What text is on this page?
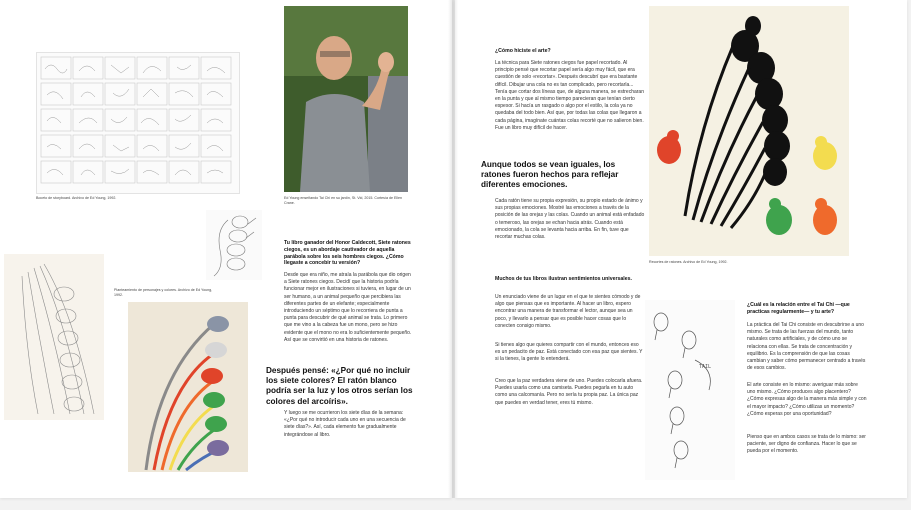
Boceto de storyboard. Archivo de Ed Young, 1992.	Ed Young enseñando Tai Chi en su jardín, St. Vid, 2015. Cortesía de Ellen Crane.
Planteamiento de personajes y colores. Archivo de Ed Young, 1992.
Tu libro ganador del Honor Caldecott, Siete ratones ciegos, es un abordaje cautivador de aquella parábola sobre los seis hombres ciegos. ¿Cómo llegaste a concebir tu versión?
Desde que era niño, me atraía la parábola que dio origen a Siete ratones ciegos. Decidí que la historia podría funcionar mejor en ilustraciones si tuviera, en lugar de un ser humano, a un animal pequeño que percibiera las diferentes partes de un elefante; especialmente introduciendo un séptimo que lo recorriera de punta a punta para descubrir de qué animal se trata. Lo primero que me vino a la cabeza fue un mono, pero se hizo evidente que el mono no era lo suficientemente pequeño. Así que se convirtió en una historia de ratones.
Después pensé: «¿Por qué no incluir los siete colores? El ratón blanco podría ser la luz y los otros serían los colores del arcoíris».
Y luego se me ocurrieron los siete días de la semana: «¿Por qué no introducir cada uno en una secuencia de siete días?». Así, cada elemento fue gradualmente integrándose al libro.
¿Cómo hiciste el arte?
La técnica para Siete ratones ciegos fue papel recortado. Al principio pensé que recortar papel sería algo muy fácil, que era cuestión de solo «recortar». Después descubrí que era bastante difícil. Dibujar una cola no es tan complicado, pero recortarla... Tenía que cortar dos líneas que, de alguna manera, se estrecharan en la punta y que al mismo tiempo parecieran que tenían cierto espesor. Si hacía un rasgado o algo por el estilo, la cola ya no quedaba del todo bien. Así que, por todas las colas que llegaron a cada página, imagínate cuántas colas recorté que no salieron bien. Fue un libro muy difícil de hacer.
Aunque todos se vean iguales, los ratones fueron hechos para reflejar diferentes emociones.
Cada ratón tiene su propia expresión, su propio estado de ánimo y sus propias emociones. Mostré las emociones a través de la posición de las orejas y las colas. Cuando un animal está enfadado o temeroso, las orejas se echan hacia atrás. Cuando está emocionado, la cola se levanta hacia arriba. En fin, tuve que recortar muchas colas.
Muchos de tus libros ilustran sentimientos universales.
Un enunciado viene de un lugar en el que te sientes cómodo y de algo que piensas que es importante. Al hacer un libro, espero encontrar una manera de transformar el lector, aunque sea un poco, y llevarlo a pensar que es posible hacer cosas que lo conecten consigo mismo.
Si tienes algo que quieres compartir con el mundo, entonces eso es un pedacito de paz. Está conectado con esa paz que sientes. Y si la tienes, la gente lo entenderá.
Creo que la paz verdadera viene de uno. Puedes colocarla afuera. Puedes usarla como una camiseta. Puedes pegarla en tu auto como una calcomanía. Pero no sería tu propia paz. La única paz que puedes en verdad tener, eres tú mismo.
Recortes de ratones. Archivo de Ed Young, 1992.
TAIL
¿Cuál es la relación entre el Tai Chi —que practicas regularmente— y tu arte?
La práctica del Tai Chi consiste en descubrirse a uno mismo. Se trata de las fuerzas del mundo, tanto naturales como artificiales, y de cómo uno se relaciona con ellas. Se trata de concentración y equilibrio. Es la comprensión de que las cosas cambian y saber cómo permanecer centrado a través de esos cambios.
El arte consiste en lo mismo: averiguar más sobre uno mismo. ¿Cómo produces algo placentero? ¿Cómo expresas algo de la manera más simple y con el mayor impacto? ¿Cómo utilizas un momento? ¿Cómo esperas por una oportunidad?
Pienso que en ambos casos se trata de lo mismo: ser paciente, ser digno de confianza. Hacer lo que se pueda por el momento.
